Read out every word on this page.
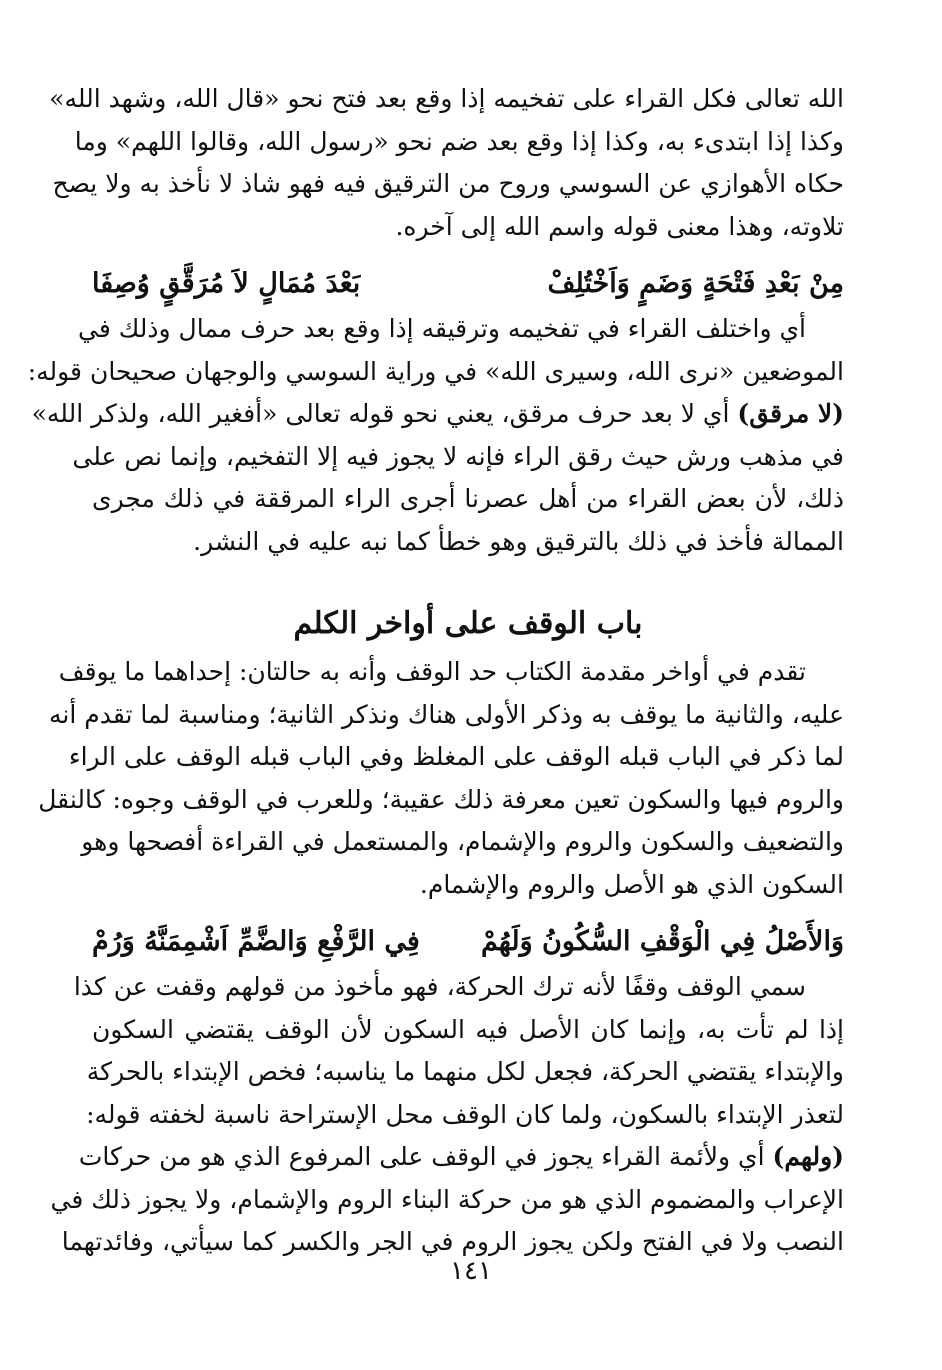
الله تعالى فكل القراء على تفخيمه إذا وقع بعد فتح نحو «قال الله، وشهد الله»
وكذا إذا ابتدىء به، وكذا إذا وقع بعد ضم نحو «رسول الله، وقالوا اللهم» وما
حكاه الأهوازي عن السوسي وروح من الترقيق فيه فهو شاذ لا نأخذ به ولا يصح
تلاوته، وهذا معنى قوله واسم الله إلى آخره.
مِنْ بَعْدِ فَتْحَةٍ وَضَمٍ وَاَخْتُلِفْ
بَعْدَ مُمَالٍ لاَ مُرَقَّقٍ وُصِفَا
أي واختلف القراء في تفخيمه وترقيقه إذا وقع بعد حرف ممال وذلك في
الموضعين «نرى الله، وسيرى الله» في وراية السوسي والوجهان صحيحان قوله:
(لا مرقق) أي لا بعد حرف مرقق، يعني نحو قوله تعالى «أفغير الله، ولذكر الله»
في مذهب ورش حيث رقق الراء فإنه لا يجوز فيه إلا التفخيم، وإنما نص على
ذلك، لأن بعض القراء من أهل عصرنا أجرى الراء المرققة في ذلك مجرى
الممالة فأخذ في ذلك بالترقيق وهو خطأ كما نبه عليه في النشر.
باب الوقف على أواخر الكلم
تقدم في أواخر مقدمة الكتاب حد الوقف وأنه به حالتان: إحداهما ما يوقف
عليه، والثانية ما يوقف به وذكر الأولى هناك ونذكر الثانية؛ ومناسبة لما تقدم أنه
لما ذكر في الباب قبله الوقف على المغلظ وفي الباب قبله الوقف على الراء
والروم فيها والسكون تعين معرفة ذلك عقيبة؛ وللعرب في الوقف وجوه: كالنقل
والتضعيف والسكون والروم والإشمام، والمستعمل في القراءة أفصحها وهو
السكون الذي هو الأصل والروم والإشمام.
وَالأَصْلُ فِي الْوَقْفِ السُّكُونُ وَلَهُمْ
فِي الرَّفْعِ وَالضَّمِّ اَشْمِمَنَّهُ وَرُمْ
سمي الوقف وقفًا لأنه ترك الحركة، فهو مأخوذ من قولهم وقفت عن كذا
إذا لم تأت به، وإنما كان الأصل فيه السكون لأن الوقف يقتضي السكون
والإبتداء يقتضي الحركة، فجعل لكل منهما ما يناسبه؛ فخص الإبتداء بالحركة
لتعذر الإبتداء بالسكون، ولما كان الوقف محل الإستراحة ناسبة لخفته قوله:
(ولهم) أي ولأئمة القراء يجوز في الوقف على المرفوع الذي هو من حركات
الإعراب والمضموم الذي هو من حركة البناء الروم والإشمام، ولا يجوز ذلك في
النصب ولا في الفتح ولكن يجوز الروم في الجر والكسر كما سيأتي، وفائدتهما
١٤١
